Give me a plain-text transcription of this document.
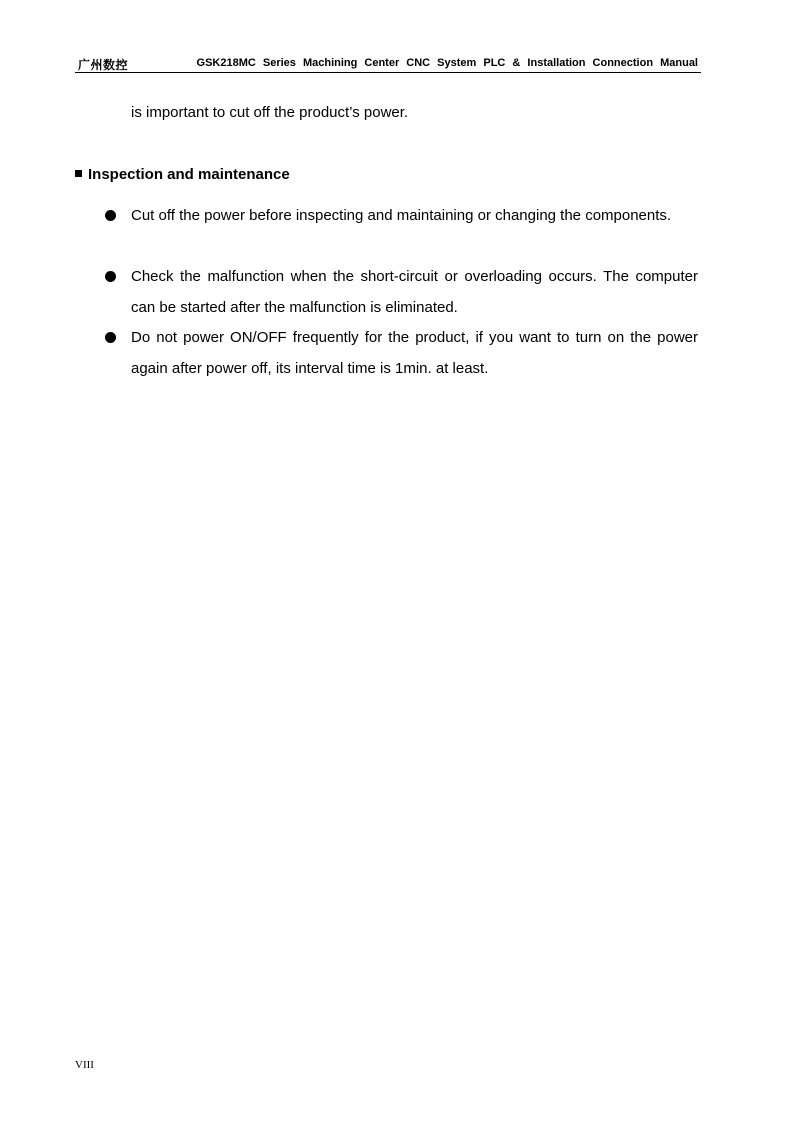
广州数控	GSK218MC Series Machining Center CNC System PLC & Installation Connection Manual
is important to cut off the product’s power.
Inspection and maintenance
Cut off the power before inspecting and maintaining or changing the components.
Check the malfunction when the short-circuit or overloading occurs. The computer can be started after the malfunction is eliminated.
Do not power ON/OFF frequently for the product, if you want to turn on the power again after power off, its interval time is 1min. at least.
VIII
